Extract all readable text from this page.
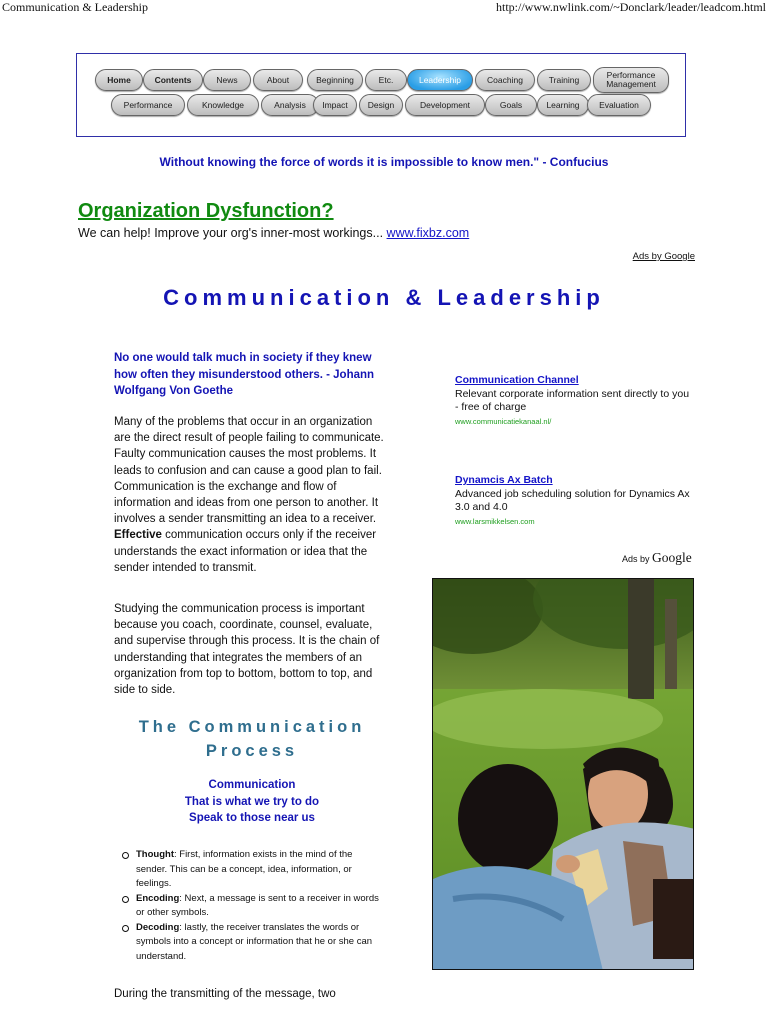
Communication & Leadership	http://www.nwlink.com/~Donclark/leader/leadcom.html
Home	Contents	News	About	Beginning	Etc.	Leadership	Coaching	Training	Performance Management
Performance	Knowledge	Analysis	Impact	Design	Development	Goals	Learning	Evaluation
Without knowing the force of words it is impossible to know men." - Confucius
Organization Dysfunction?
We can help! Improve your org's inner-most workings... www.fixbz.com
Ads by Google
Communication & Leadership
No one would talk much in society if they knew how often they misunderstood others. - Johann Wolfgang Von Goethe
Many of the problems that occur in an organization are the direct result of people failing to communicate. Faulty communication causes the most problems. It leads to confusion and can cause a good plan to fail. Communication is the exchange and flow of information and ideas from one person to another. It involves a sender transmitting an idea to a receiver. Effective communication occurs only if the receiver understands the exact information or idea that the sender intended to transmit.
Studying the communication process is important because you coach, coordinate, counsel, evaluate, and supervise through this process. It is the chain of understanding that integrates the members of an organization from top to bottom, bottom to top, and side to side.
The Communication Process
Communication
That is what we try to do
Speak to those near us
Thought: First, information exists in the mind of the sender. This can be a concept, idea, information, or feelings.
Encoding: Next, a message is sent to a receiver in words or other symbols.
Decoding: lastly, the receiver translates the words or symbols into a concept or information that he or she can understand.
During the transmitting of the message, two
Communication Channel
Relevant corporate information sent directly to you - free of charge
www.communicatiekanaal.nl/
Dynamcis Ax Batch
Advanced job scheduling solution for Dynamics Ax 3.0 and 4.0
www.larsmikkelsen.com
Ads by Google
